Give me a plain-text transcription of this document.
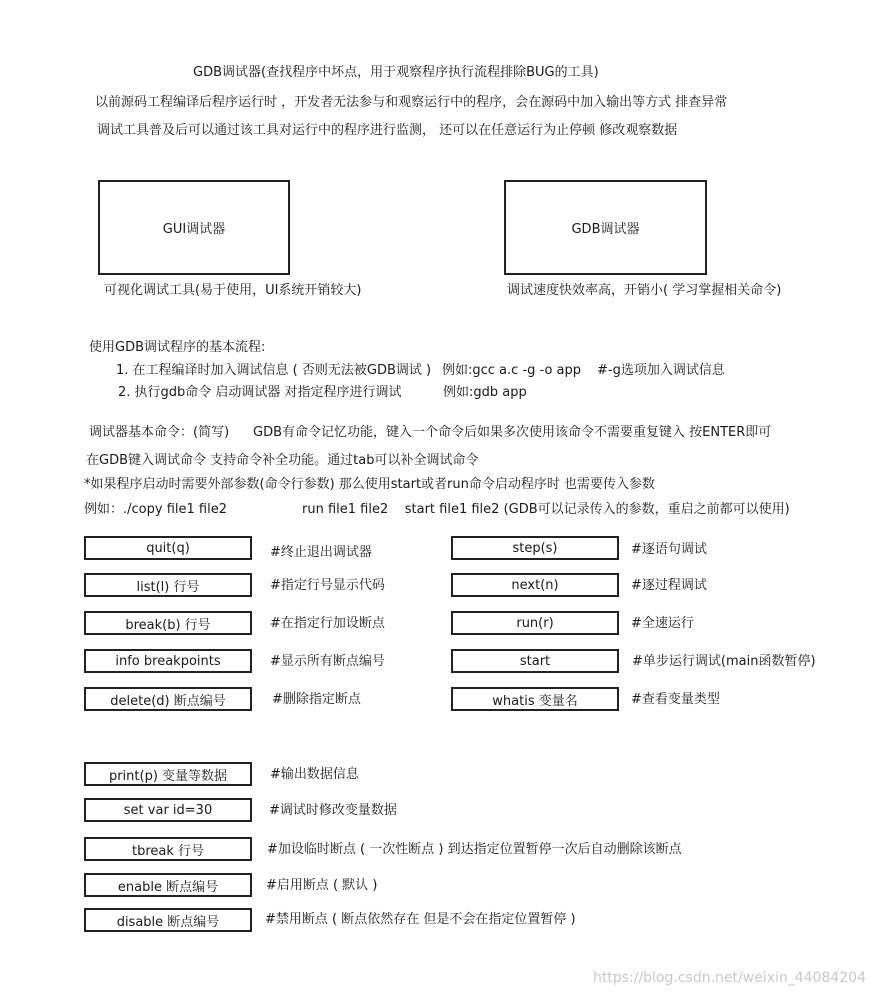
GDB调试器(查找程序中坏点，用于观察程序执行流程排除BUG的工具)
以前源码工程编译后程序运行时 ，开发者无法参与和观察运行中的程序，会在源码中加入输出等方式 排查异常
调试工具普及后可以通过该工具对运行中的程序进行监测， 还可以在任意运行为止停顿 修改观察数据
GUI调试器
可视化调试工具(易于使用，UI系统开销较大)
GDB调试器
调试速度快效率高，开销小( 学习掌握相关命令)
使用GDB调试程序的基本流程:
1. 在工程编译时加入调试信息 ( 否则无法被GDB调试 ) 例如:gcc a.c -g -o app #-g选项加入调试信息
2. 执行gdb命令 启动调试器 对指定程序进行调试	例如:gdb app
调试器基本命令：(简写) GDB有命令记忆功能，键入一个命令后如果多次使用该命令不需要重复键入 按ENTER即可
在GDB键入调试命令 支持命令补全功能。通过tab可以补全调试命令
*如果程序启动时需要外部参数(命令行参数) 那么使用start或者run命令启动程序时 也需要传入参数
例如：./copy file1 file2	run file1 file2    start file1 file2 (GDB可以记录传入的参数，重启之前都可以使用)
quit(q)	#终止退出调试器
list(l) 行号	#指定行号显示代码
break(b) 行号	#在指定行加设断点
info breakpoints	#显示所有断点编号
delete(d) 断点编号	#删除指定断点
step(s)	#逐语句调试
next(n)	#逐过程调试
run(r)	#全速运行
start	#单步运行调试(main函数暂停)
whatis 变量名	#查看变量类型
print(p) 变量等数据	#输出数据信息
set var id=30	#调试时修改变量数据
tbreak 行号	#加设临时断点 ( 一次性断点 ) 到达指定位置暂停一次后自动删除该断点
enable 断点编号	#启用断点 ( 默认 )
disable 断点编号	#禁用断点 ( 断点依然存在 但是不会在指定位置暂停 )
https://blog.csdn.net/weixin_44084204
